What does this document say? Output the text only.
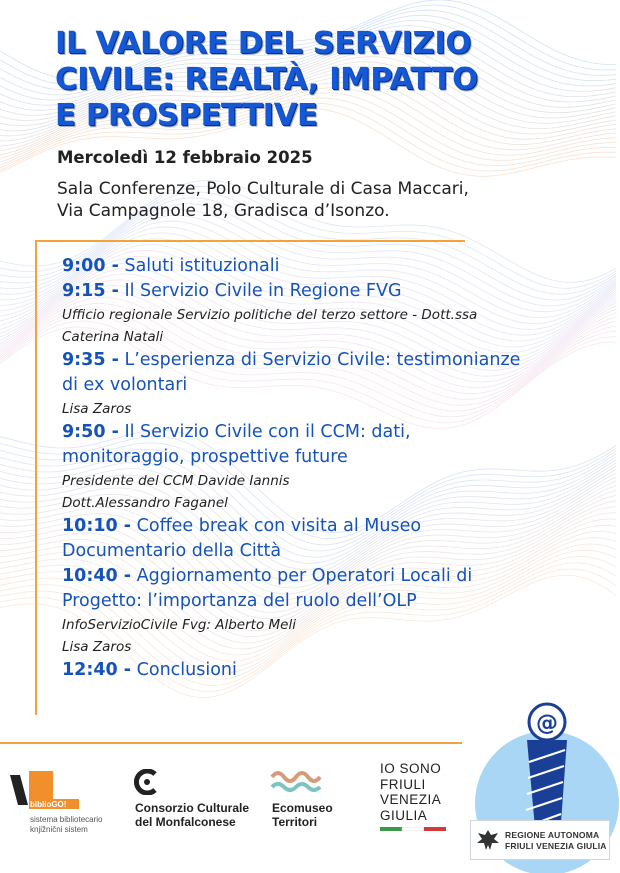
IL VALORE DEL SERVIZIO
CIVILE: REALTÀ, IMPATTO
E PROSPETTIVE
Mercoledì 12 febbraio 2025
Sala Conferenze, Polo Culturale di Casa Maccari,
Via Campagnole 18, Gradisca d’Isonzo.
9:00 - Saluti istituzionali
9:15 - Il Servizio Civile in Regione FVG
Ufficio regionale Servizio politiche del terzo settore - Dott.ssa
Caterina Natali
9:35 - L’esperienza di Servizio Civile: testimonianze
di ex volontari
Lisa Zaros
9:50 - Il Servizio Civile con il CCM: dati,
monitoraggio, prospettive future
Presidente del CCM Davide Iannis
Dott.Alessandro Faganel
10:10 - Coffee break con visita al Museo
Documentario della Città
10:40 - Aggiornamento per Operatori Locali di
Progetto: l’importanza del ruolo dell’OLP
InfoServizioCivile Fvg: Alberto Meli
Lisa Zaros
12:40 - Conclusioni
biblioGO!
sistema bibliotecario
knjižnični sistem
Consorzio Culturale
del Monfalconese
Ecomuseo
Territori
IO SONO
FRIULI
VENEZIA
GIULIA
@
REGIONE AUTONOMA
FRIULI VENEZIA GIULIA
